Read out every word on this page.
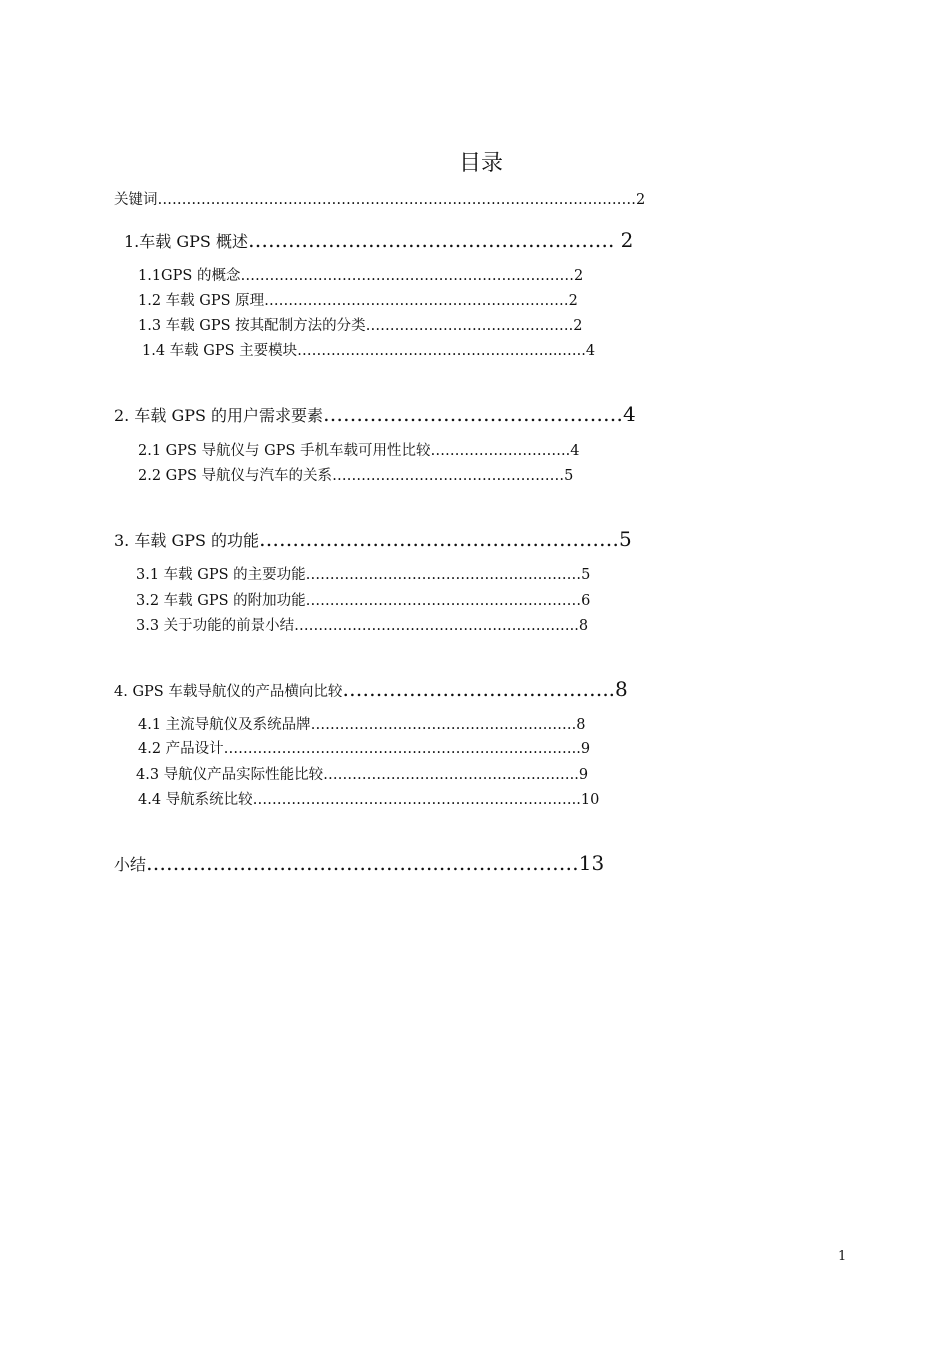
目录
关键词………………………………………………………………………………………2
1.车载 GPS 概述………………………………………………. 2
1.1GPS 的概念……………………………………………………………2
1.2 车载 GPS 原理………………………………………………………2
1.3 车载 GPS 按其配制方法的分类…………………………………….2
1.4 车载 GPS 主要模块……………………………………………....…..4
2. 车载 GPS 的用户需求要素………………………………………4
2.1 GPS 导航仪与 GPS 手机车载可用性比较………………………..4
2.2 GPS 导航仪与汽车的关系…………………………………………5
3. 车载 GPS 的功能………………………………………………5
3.1 车载 GPS 的主要功能…………………………………………………5
3.2 车载 GPS 的附加功能…………………………………………………6
3.3 关于功能的前景小结…………………………………………………..8
4. GPS 车载导航仪的产品横向比较…………………………………..8
4.1 主流导航仪及系统品牌……………………………………………….8
4.2 产品设计………………………………………………………………..9
4.3 导航仪产品实际性能比较……………………………………………..9
4.4 导航系统比较…………………………………………………………..10
小结……………………………………..…………………13
1
